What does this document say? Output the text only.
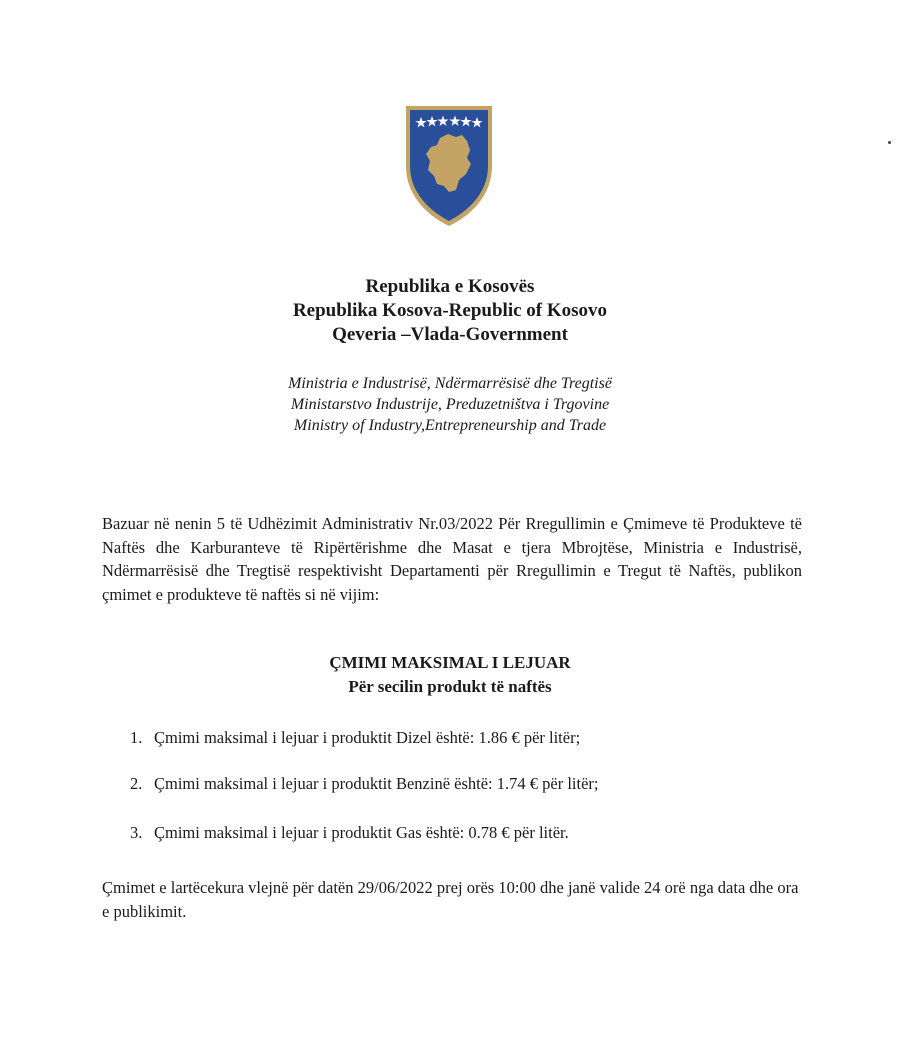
Republika e Kosovës
Republika Kosova-Republic of Kosovo
Qeveria –Vlada-Government
Ministria e Industrisë, Ndërmarrësisë dhe Tregtisë
Ministarstvo Industrije, Preduzetništva i Trgovine
Ministry of Industry,Entrepreneurship and Trade
Bazuar në nenin 5 të Udhëzimit Administrativ Nr.03/2022 Për Rregullimin e Çmimeve të Produkteve të Naftës dhe Karburanteve të Ripërtërishme dhe Masat e tjera Mbrojtëse, Ministria e Industrisë, Ndërmarrësisë dhe Tregtisë respektivisht Departamenti për Rregullimin e Tregut të Naftës, publikon çmimet e produkteve të naftës si në vijim:
ÇMIMI MAKSIMAL I LEJUAR
Për secilin produkt të naftës
1. Çmimi maksimal i lejuar i produktit Dizel është: 1.86 € për litër;
2. Çmimi maksimal i lejuar i produktit Benzinë është: 1.74 € për litër;
3. Çmimi maksimal i lejuar i produktit Gas është: 0.78 € për litër.
Çmimet e lartëcekura vlejnë për datën 29/06/2022 prej orës 10:00 dhe janë valide 24 orë nga data dhe ora e publikimit.
